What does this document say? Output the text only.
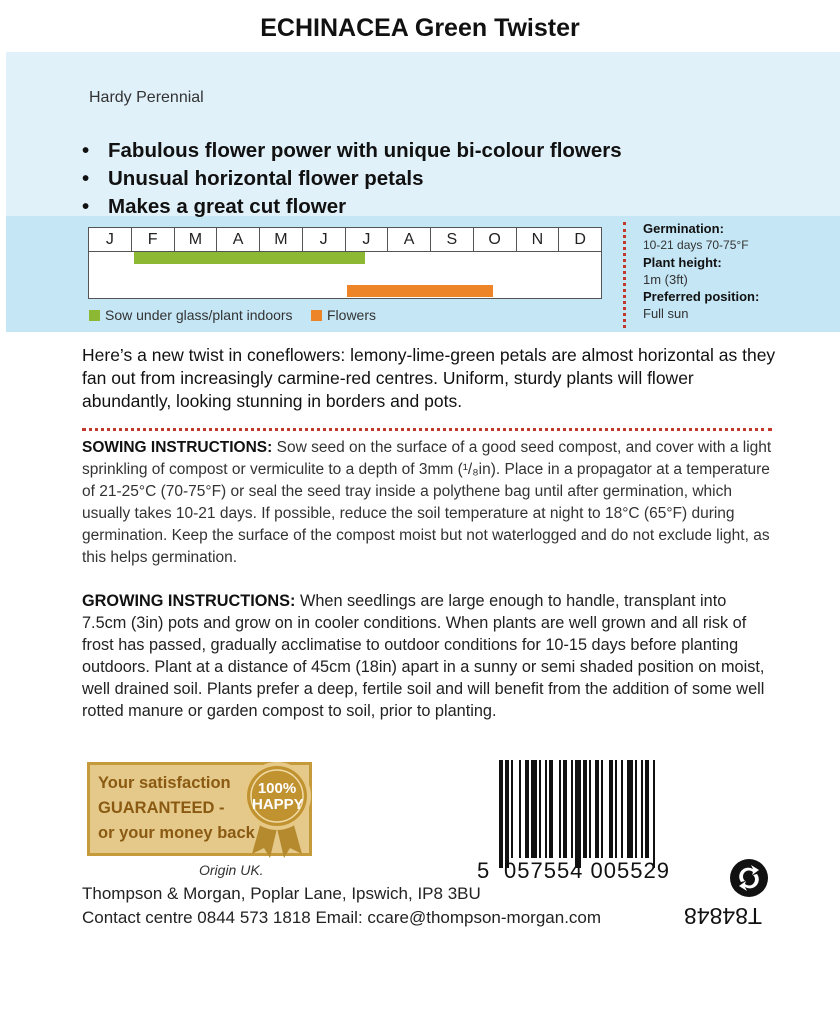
ECHINACEA Green Twister
Hardy Perennial
• Fabulous flower power with unique bi-colour flowers
• Unusual horizontal flower petals
• Makes a great cut flower
J	F	M	A	M	J	J	A	S	O	N	D
Sow under glass/plant indoors Flowers
Germination:
10-21 days 70-75°F
Plant height:
1m (3ft)
Preferred position:
Full sun
Here’s a new twist in coneflowers: lemony-lime-green petals are almost horizontal as they fan out from increasingly carmine-red centres. Uniform, sturdy plants will flower abundantly, looking stunning in borders and pots.
SOWING INSTRUCTIONS: Sow seed on the surface of a good seed compost, and cover with a light sprinkling of compost or vermiculite to a depth of 3mm (¹/₈in). Place in a propagator at a temperature of 21-25°C (70-75°F) or seal the seed tray inside a polythene bag until after germination, which usually takes 10-21 days. If possible, reduce the soil temperature at night to 18°C (65°F) during germination. Keep the surface of the compost moist but not waterlogged and do not exclude light, as this helps germination.
GROWING INSTRUCTIONS: When seedlings are large enough to handle, transplant into 7.5cm (3in) pots and grow on in cooler conditions. When plants are well grown and all risk of frost has passed, gradually acclimatise to outdoor conditions for 10-15 days before planting outdoors. Plant at a distance of 45cm (18in) apart in a sunny or semi shaded position on moist, well drained soil. Plants prefer a deep, fertile soil and will benefit from the addition of some well rotted manure or garden compost to soil, prior to planting.
Your satisfaction
GUARANTEED -
or your money back
100%
HAPPY
Origin UK.
Thompson & Morgan, Poplar Lane, Ipswich, IP8 3BU
Contact centre 0844 573 1818 Email: ccare@thompson-morgan.com
5 057554 005529
T84848
